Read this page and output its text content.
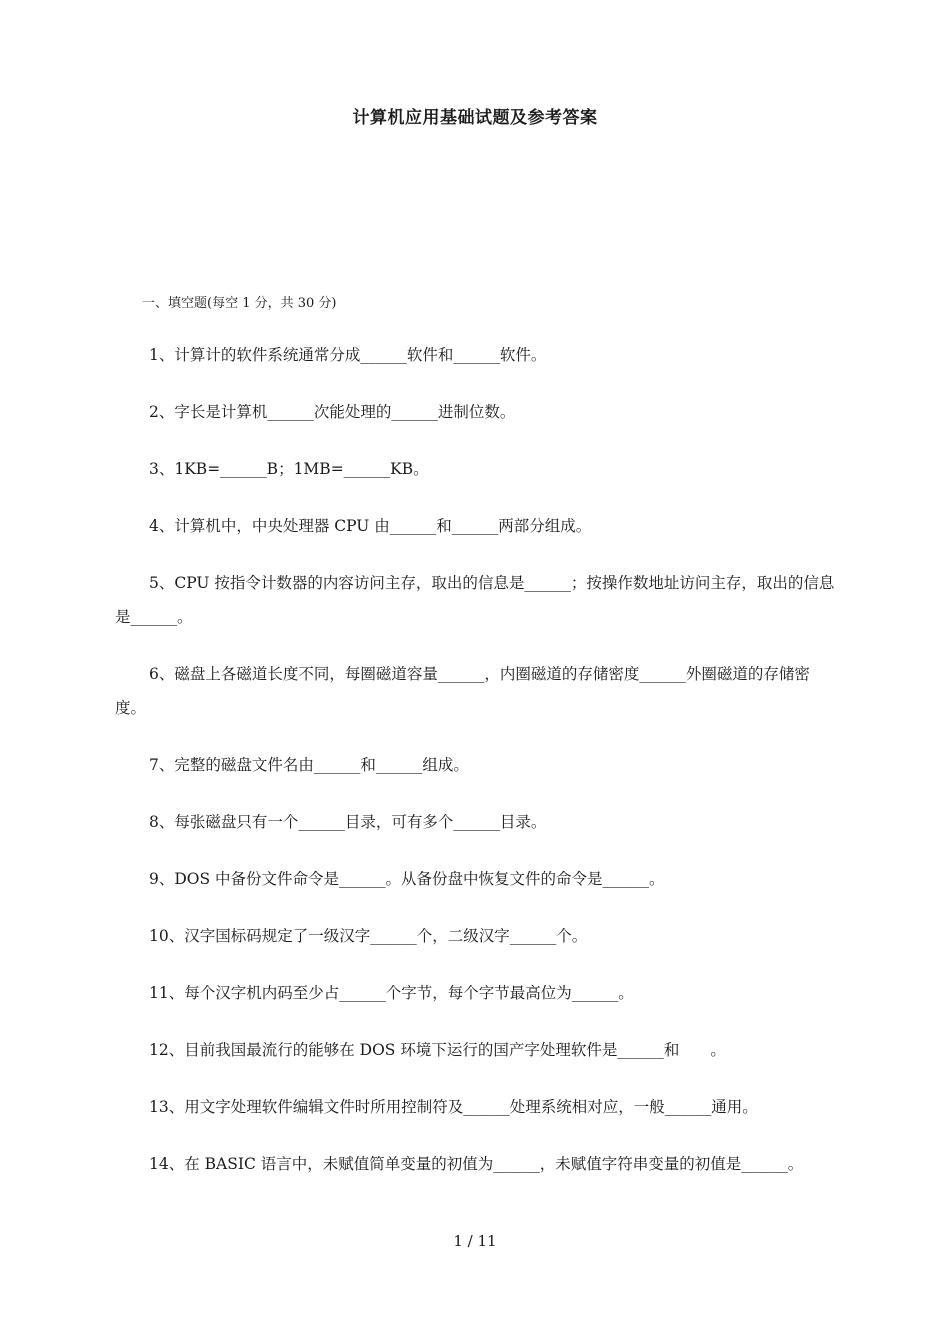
计算机应用基础试题及参考答案
一、填空题(每空 1 分，共 30 分)

1、计算计的软件系统通常分成______软件和______软件。

2、字长是计算机______次能处理的______进制位数。

3、1KB=______B；1MB=______KB。

4、计算机中，中央处理器 CPU 由______和______两部分组成。

5、CPU 按指令计数器的内容访问主存，取出的信息是______；按操作数地址访问主存，取出的信息是______。

6、磁盘上各磁道长度不同，每圈磁道容量______，内圈磁道的存储密度______外圈磁道的存储密度。

7、完整的磁盘文件名由______和______组成。

8、每张磁盘只有一个______目录，可有多个______目录。

9、DOS 中备份文件命令是______。从备份盘中恢复文件的命令是______。

10、汉字国标码规定了一级汉字______个，二级汉字______个。

11、每个汉字机内码至少占______个字节，每个字节最高位为______。

12、目前我国最流行的能够在 DOS 环境下运行的国产字处理软件是______和　　。

13、用文字处理软件编辑文件时所用控制符及______处理系统相对应，一般______通用。

14、在 BASIC 语言中，未赋值简单变量的初值为______，未赋值字符串变量的初值是______。

1 / 11
